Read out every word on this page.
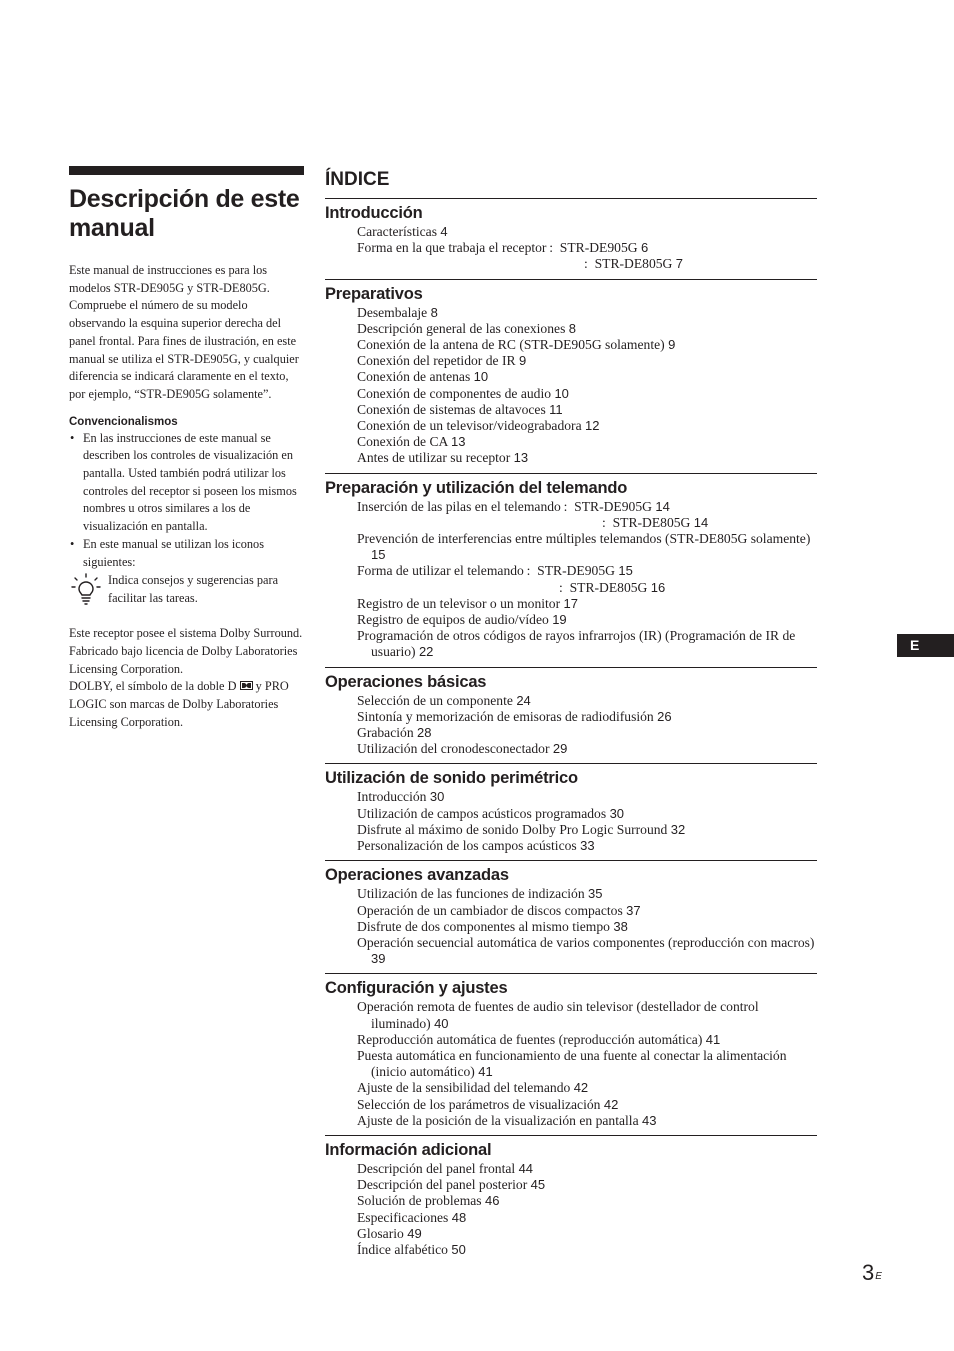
Descripción de este manual

Este manual de instrucciones es para los modelos STR-DE905G y STR-DE805G. Compruebe el número de su modelo observando la esquina superior derecha del panel frontal. Para fines de ilustración, en este manual se utiliza el STR-DE905G, y cualquier diferencia se indicará claramente en el texto, por ejemplo, “STR-DE905G solamente”.

Convencionalismos
• En las instrucciones de este manual se describen los controles de visualización en pantalla. Usted también podrá utilizar los controles del receptor si poseen los mismos nombres u otros similares a los de visualización en pantalla.
• En este manual se utilizan los iconos siguientes:
Indica consejos y sugerencias para facilitar las tareas.

Este receptor posee el sistema Dolby Surround.
Fabricado bajo licencia de Dolby Laboratories Licensing Corporation.
DOLBY, el símbolo de la doble D y PRO LOGIC son marcas de Dolby Laboratories Licensing Corporation.

ÍNDICE
Introducción
Características 4
Forma en la que trabaja el receptor  : STR-DE905G 6
: STR-DE805G
7
Preparativos
Desembalaje 8
Descripción general de las conexiones 8
Conexión de la antena de RC (STR-DE905G solamente) 9
Conexión del repetidor de IR 9
Conexión de antenas 10
Conexión de componentes de audio 10
Conexión de sistemas de altavoces 11
Conexión de un televisor/videograbadora 12
Conexión de CA 13
Antes de utilizar su receptor 13
Preparación y utilización del telemando
Inserción de las pilas en el telemando  : STR-DE905G 14
: STR-DE805G
14
Prevención de interferencias entre múltiples telemandos (STR-DE805G solamente) 15
Forma de utilizar el telemando  : STR-DE905G 15
: STR-DE805G
16
Registro de un televisor o un monitor 17
Registro de equipos de audio/vídeo 19
Programación de otros códigos de rayos infrarrojos (IR) (Programación de IR de usuario) 22
Operaciones básicas
Selección de un componente 24
Sintonía y memorización de emisoras de radiodifusión 26
Grabación 28
Utilización del cronodesconectador 29
Utilización de sonido perimétrico
Introducción 30
Utilización de campos acústicos programados 30
Disfrute al máximo de sonido Dolby Pro Logic Surround 32
Personalización de los campos acústicos 33
Operaciones avanzadas
Utilización de las funciones de indización 35
Operación de un cambiador de discos compactos 37
Disfrute de dos componentes al mismo tiempo 38
Operación secuencial automática de varios componentes (reproducción con macros) 39
Configuración y ajustes
Operación remota de fuentes de audio sin televisor (destellador de control iluminado) 40
Reproducción automática de fuentes (reproducción automática) 41
Puesta automática en funcionamiento de una fuente al conectar la alimentación (inicio automático) 41
Ajuste de la sensibilidad del telemando 42
Selección de los parámetros de visualización 42
Ajuste de la posición de la visualización en pantalla 43
Información adicional
Descripción del panel frontal 44
Descripción del panel posterior 45
Solución de problemas 46
Especificaciones 48
Glosario 49
Índice alfabético 50
E
$3^E$
